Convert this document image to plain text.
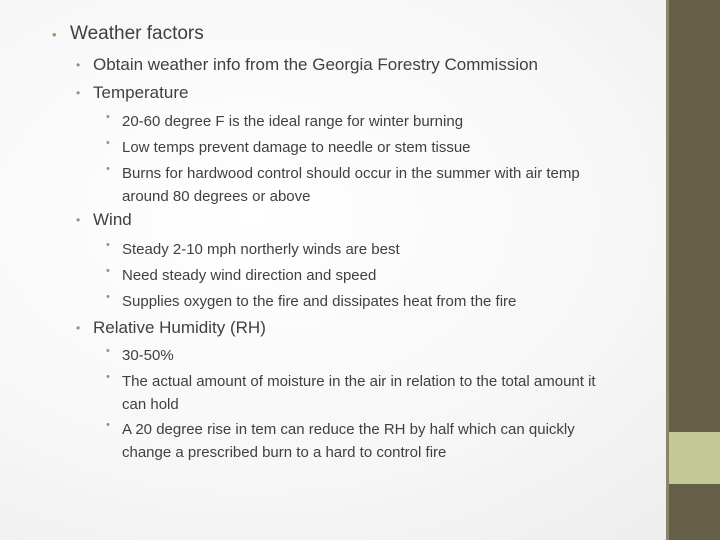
• Weather factors
• Obtain weather info from the Georgia Forestry Commission
• Temperature
• 20-60 degree F is the ideal range for winter burning
• Low temps prevent damage to needle or stem tissue
• Burns for hardwood control should occur in the summer with air temp around 80 degrees or above
• Wind
• Steady 2-10 mph northerly winds are best
• Need steady wind direction and speed
• Supplies oxygen to the fire and dissipates heat from the fire
• Relative Humidity (RH)
• 30-50%
• The actual amount of moisture in the air in relation to the total amount it can hold
• A 20 degree rise in tem can reduce the RH by half which can quickly change a prescribed burn to a hard to control fire
